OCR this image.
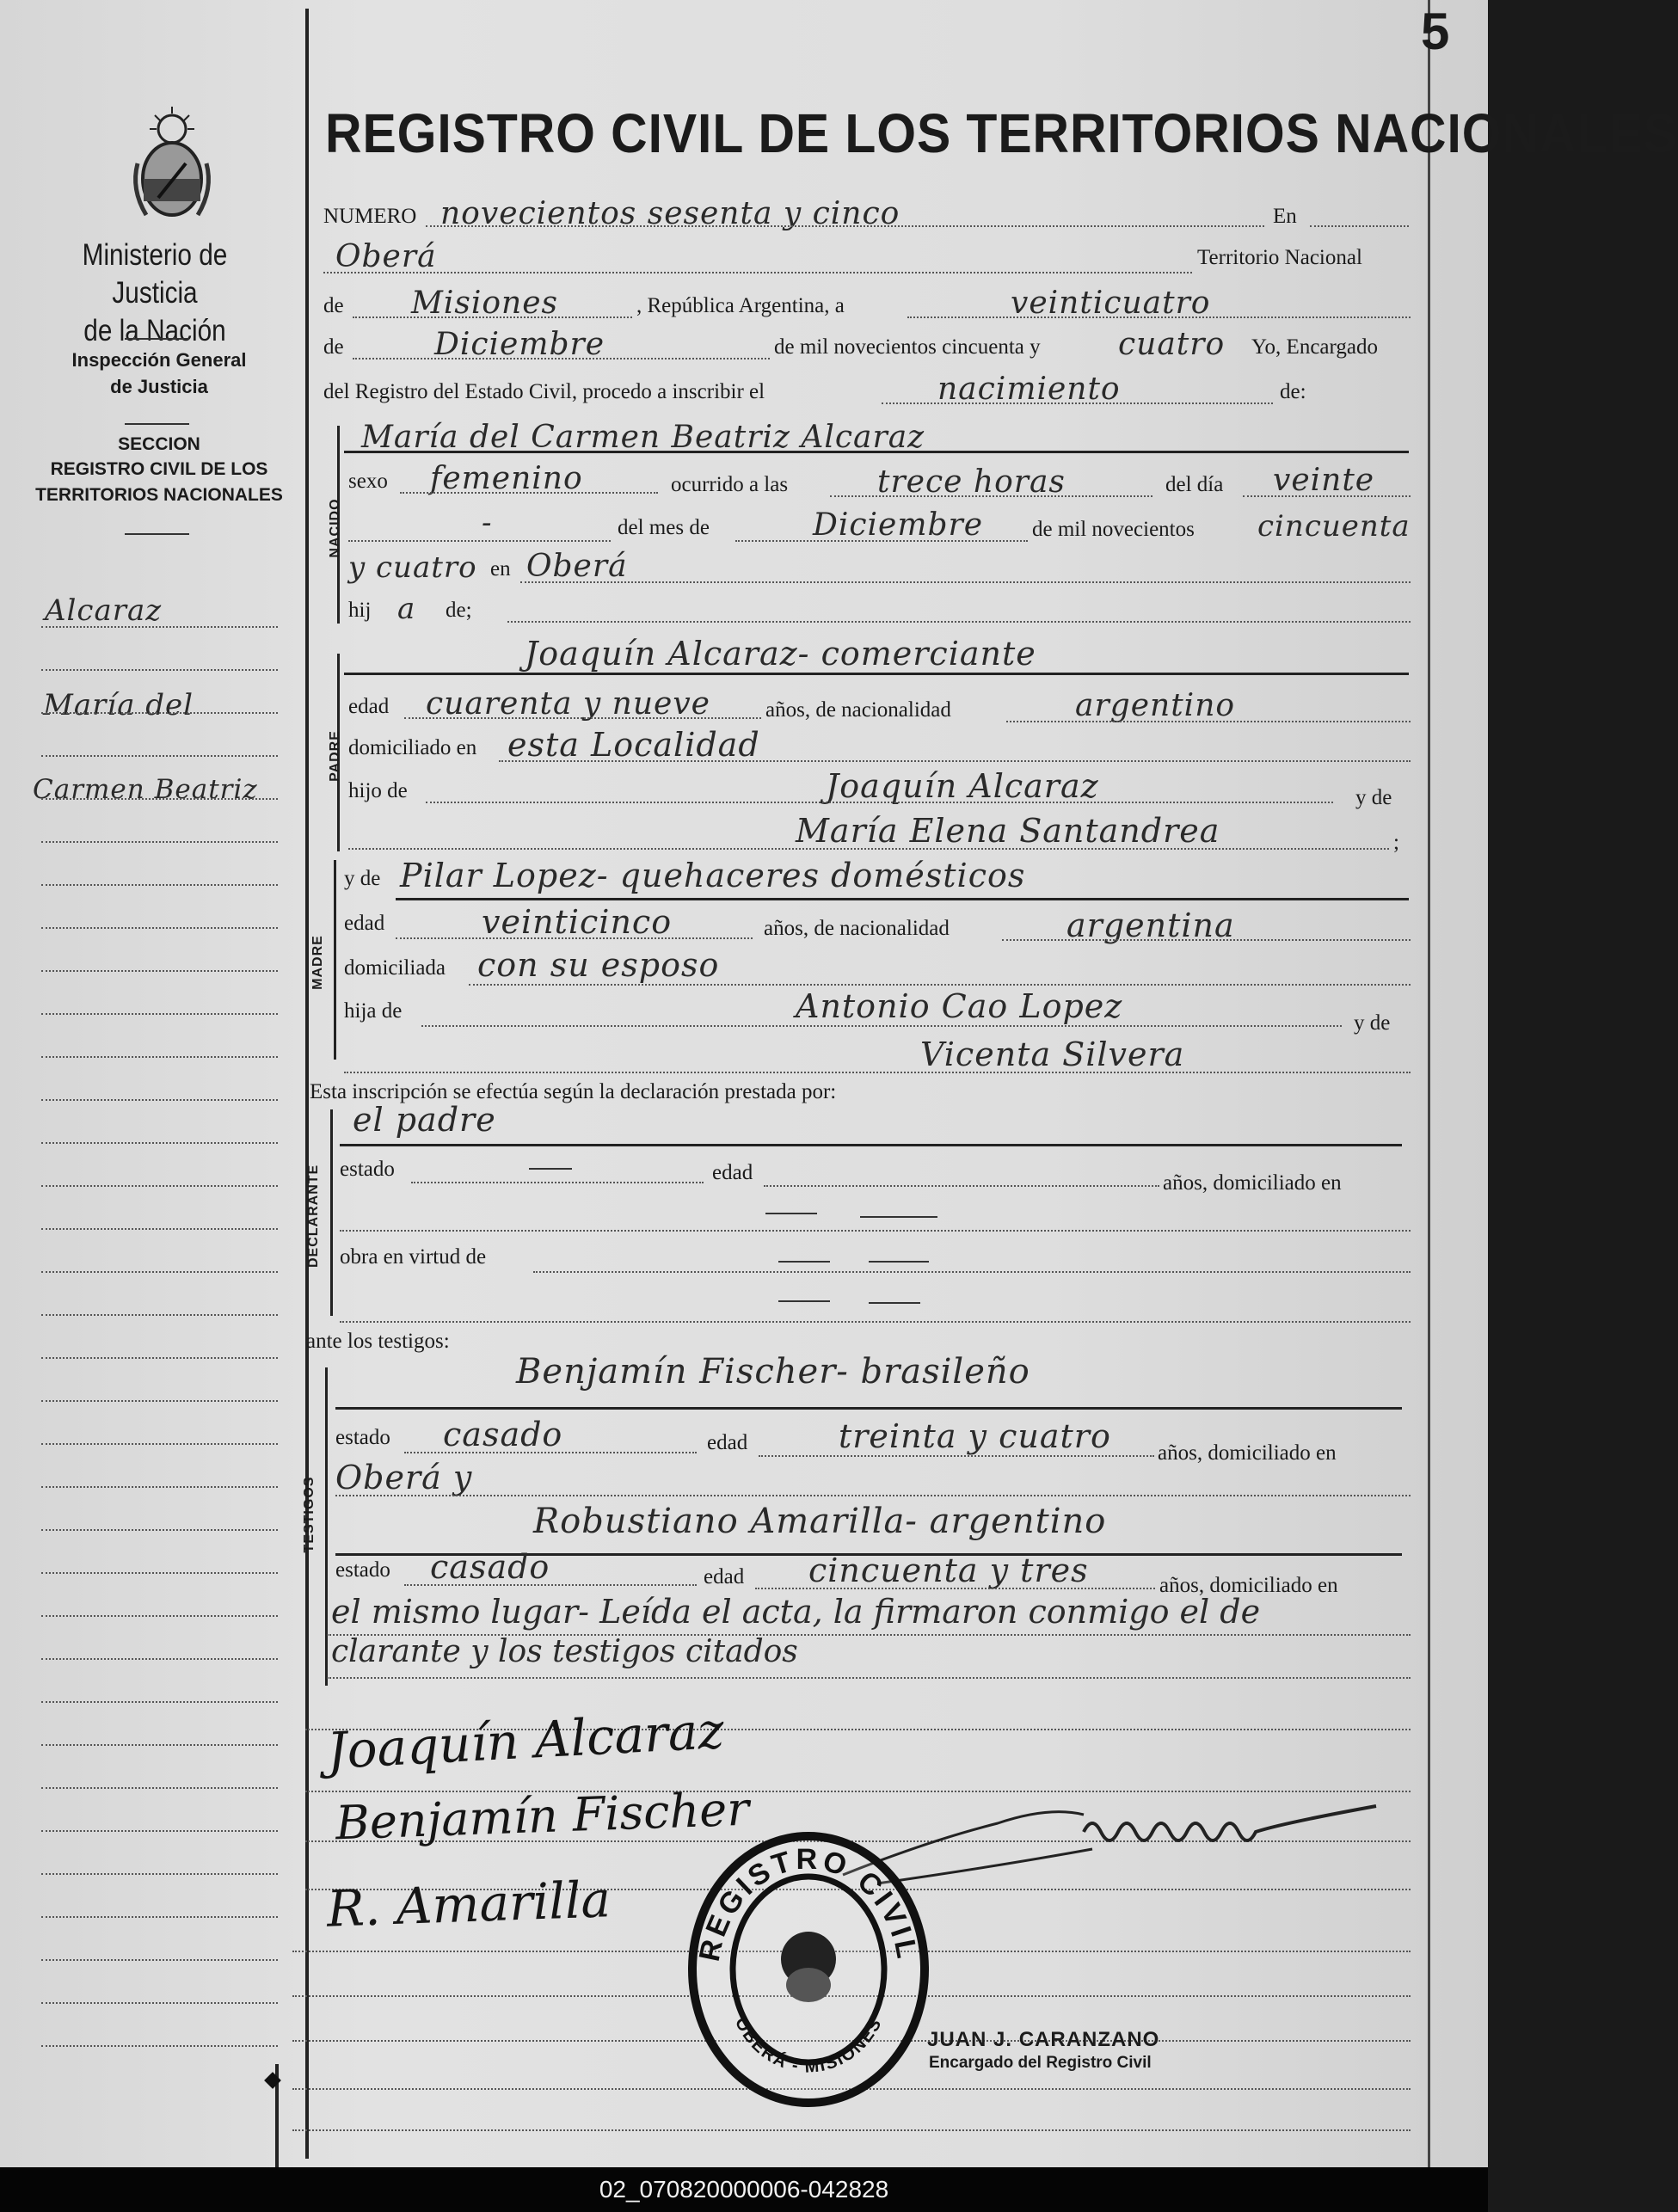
5
Ministerio de Justicia
de la Nación
Inspección General
de Justicia
SECCION
REGISTRO CIVIL DE LOS
TERRITORIOS NACIONALES
Alcaraz
María del
Carmen Beatriz
REGISTRO CIVIL DE LOS TERRITORIOS NACIONALES
NUMERO novecientos sesenta y cinco	En
Oberá	Territorio Nacional
de Misiones	, República Argentina, a	veinticuatro
de	Diciembre	de mil novecientos cincuenta y	cuatro Yo, Encargado
del Registro del Estado Civil, procedo a inscribir el	nacimiento	de:
NACIDO
María del Carmen Beatriz Alcaraz
sexo femenino	ocurrido a las	trece horas	del día veinte
-	del mes de	Diciembre de mil novecientos cincuenta
y cuatro en Oberá
hij a de;
PADRE
Joaquín Alcaraz- comerciante
edad cuarenta y nueve	años, de nacionalidad	argentino
domiciliado en esta Localidad
hijo de	Joaquín Alcaraz	y de
María Elena Santandrea	;
MADRE
y de Pilar Lopez- quehaceres domésticos
edad	veinticinco	años, de nacionalidad	argentina
domiciliada con su esposo
hija de	Antonio Cao Lopez	y de
Vicenta Silvera
Esta inscripción se efectúa según la declaración prestada por:
DECLARANTE
el padre
estado	edad	años, domiciliado en
obra en virtud de
ante los testigos:
TESTIGOS
Benjamín Fischer- brasileño
estado casado	edad	treinta y cuatro años, domiciliado en
Oberá y
Robustiano Amarilla- argentino
estado casado	edad cincuenta y tres	años, domiciliado en
el mismo lugar- Leída el acta, la firmaron conmigo el de
clarante y los testigos citados
Joaquín Alcaraz
Benjamín Fischer
R. Amarilla
REGISTRO CIVIL
OBERÁ - MISIONES
JUAN J. CARANZANO
Encargado del Registro Civil
02_070820000006-042828
